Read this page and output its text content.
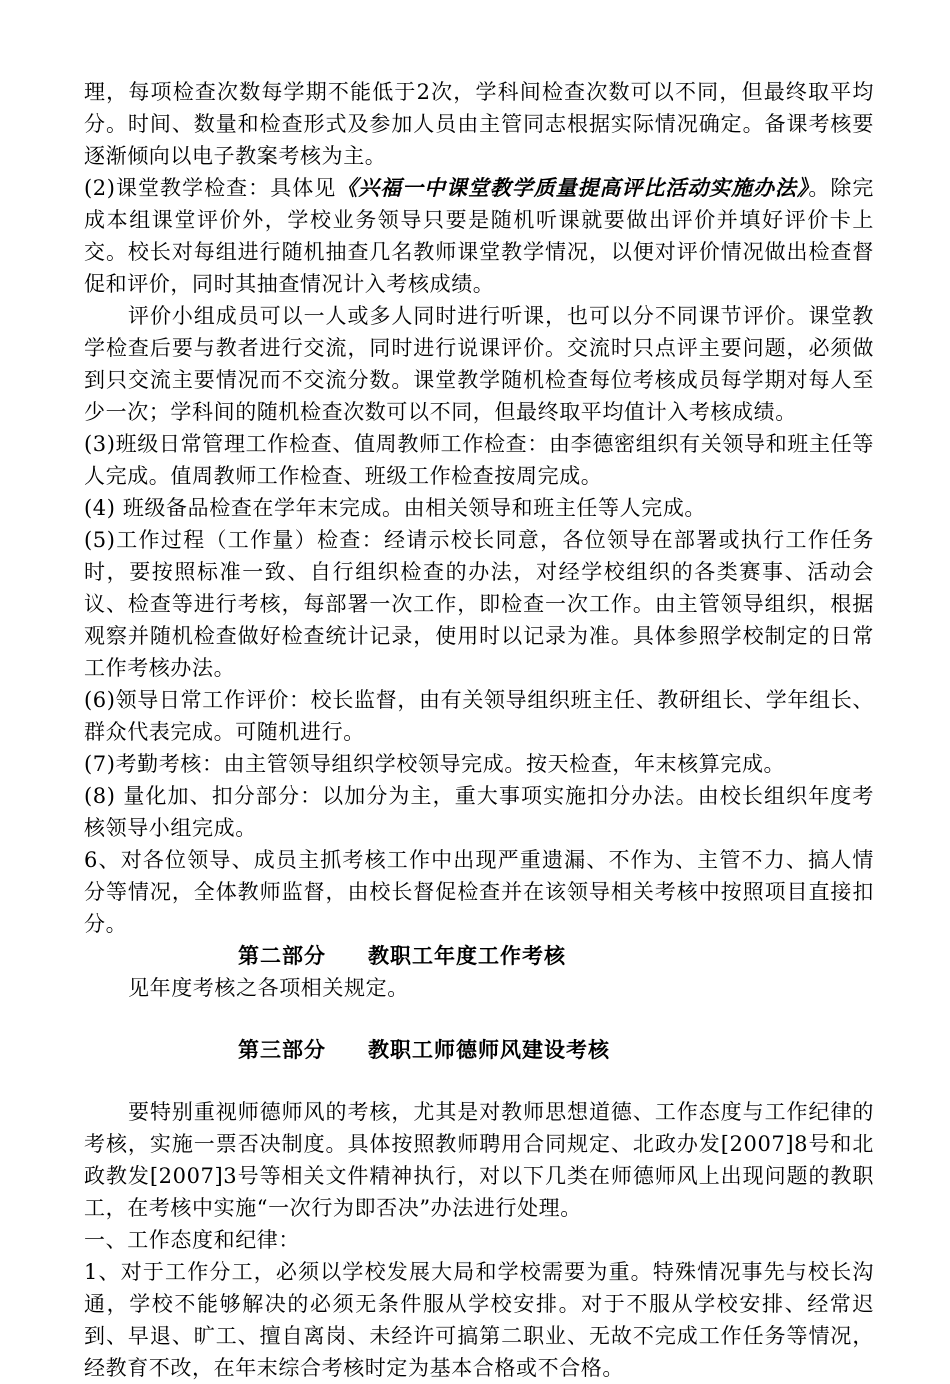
理，每项检查次数每学期不能低于2次，学科间检查次数可以不同，但最终取平均分。时间、数量和检查形式及参加人员由主管同志根据实际情况确定。备课考核要逐渐倾向以电子教案考核为主。

(2)课堂教学检查：具体见《兴福一中课堂教学质量提高评比活动实施办法》。除完成本组课堂评价外，学校业务领导只要是随机听课就要做出评价并填好评价卡上交。校长对每组进行随机抽查几名教师课堂教学情况，以便对评价情况做出检查督促和评价，同时其抽查情况计入考核成绩。

评价小组成员可以一人或多人同时进行听课，也可以分不同课节评价。课堂教学检查后要与教者进行交流，同时进行说课评价。交流时只点评主要问题，必须做到只交流主要情况而不交流分数。课堂教学随机检查每位考核成员每学期对每人至少一次；学科间的随机检查次数可以不同，但最终取平均值计入考核成绩。

(3)班级日常管理工作检查、值周教师工作检查：由李德密组织有关领导和班主任等人完成。值周教师工作检查、班级工作检查按周完成。

(4) 班级备品检查在学年末完成。由相关领导和班主任等人完成。

(5)工作过程（工作量）检查：经请示校长同意，各位领导在部署或执行工作任务时，要按照标准一致、自行组织检查的办法，对经学校组织的各类赛事、活动会议、检查等进行考核，每部署一次工作，即检查一次工作。由主管领导组织，根据观察并随机检查做好检查统计记录，使用时以记录为准。具体参照学校制定的日常工作考核办法。

(6)领导日常工作评价：校长监督，由有关领导组织班主任、教研组长、学年组长、群众代表完成。可随机进行。

(7)考勤考核：由主管领导组织学校领导完成。按天检查，年末核算完成。

(8) 量化加、扣分部分：以加分为主，重大事项实施扣分办法。由校长组织年度考核领导小组完成。

6、对各位领导、成员主抓考核工作中出现严重遗漏、不作为、主管不力、搞人情分等情况，全体教师监督，由校长督促检查并在该领导相关考核中按照项目直接扣分。

第二部分 教职工年度工作考核

见年度考核之各项相关规定。

第三部分 教职工师德师风建设考核

要特别重视师德师风的考核，尤其是对教师思想道德、工作态度与工作纪律的考核，实施一票否决制度。具体按照教师聘用合同规定、北政办发[2007]8号和北政教发[2007]3号等相关文件精神执行，对以下几类在师德师风上出现问题的教职工，在考核中实施“一次行为即否决”办法进行处理。

一、工作态度和纪律：

1、对于工作分工，必须以学校发展大局和学校需要为重。特殊情况事先与校长沟通，学校不能够解决的必须无条件服从学校安排。对于不服从学校安排、经常迟到、早退、旷工、擅自离岗、未经许可搞第二职业、无故不完成工作任务等情况，经教育不改，在年末综合考核时定为基本合格或不合格。
